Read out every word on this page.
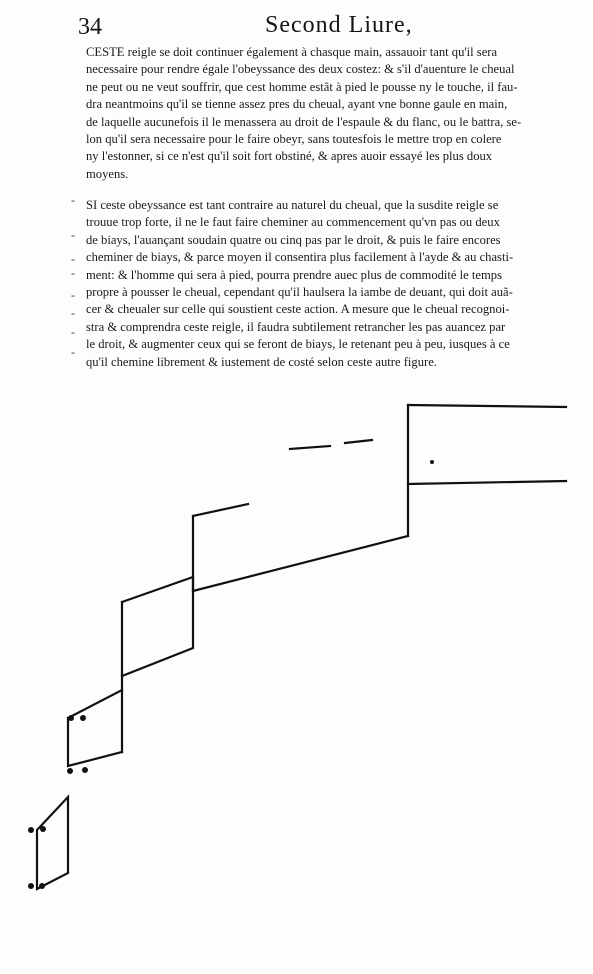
34	Second Liure,
CESTE reigle se doit continuer également à chasque main, assauoir tant qu'il sera
necessaire pour rendre égale l'obeyssance des deux costez: & s'il d'auenture le cheual
ne peut ou ne veut souffrir, que cest homme estât à pied le pousse ny le touche, il fau-
dra neantmoins qu'il se tienne assez pres du cheual, ayant vne bonne gaule en main,
de laquelle aucunefois il le menassera au droit de l'espaule & du flanc, ou le battra, se-
lon qu'il sera necessaire pour le faire obeyr, sans toutesfois le mettre trop en colere
ny l'estonner, si ce n'est qu'il soit fort obstiné, & apres auoir essayé les plus doux
moyens.
SI ceste obeyssance est tant contraire au naturel du cheual, que la susdite reigle se
trouue trop forte, il ne le faut faire cheminer au commencement qu'vn pas ou deux
de biays, l'auançant soudain quatre ou cinq pas par le droit, & puis le faire encores
cheminer de biays, & parce moyen il consentira plus facilement à l'ayde & au chasti-
ment: & l'homme qui sera à pied, pourra prendre auec plus de commodité le temps
propre à pousser le cheual, cependant qu'il haulsera la iambe de deuant, qui doit auã-
cer & cheualer sur celle qui soustient ceste action. A mesure que le cheual recognoi-
stra & comprendra ceste reigle, il faudra subtilement retrancher les pas auancez par
le droit, & augmenter ceux qui se feront de biays, le retenant peu à peu, iusques à ce
qu'il chemine librement & iustement de costé selon ceste autre figure.
-
-
-
-
-
-
-
-
